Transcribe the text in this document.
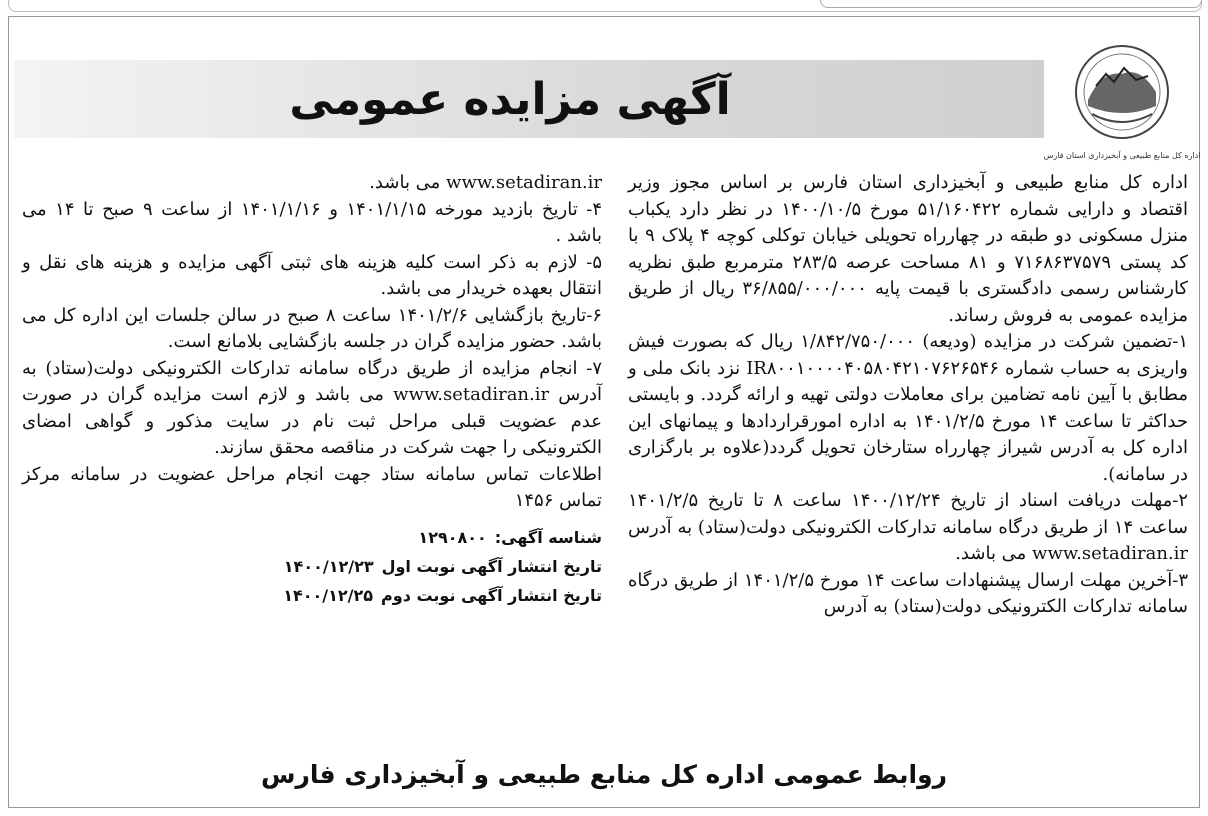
آگهی مزایده عمومی
اداره کل منابع طبیعی و آبخیزداری استان فارس

اداره کل منابع طبیعی و آبخیزداری استان فارس بر اساس مجوز وزیر اقتصاد و دارایی شماره ۵۱/۱۶۰۴۲۲ مورخ ۱۴۰۰/۱۰/۵ در نظر دارد یکباب منزل مسکونی دو طبقه در چهارراه تحویلی خیابان توکلی کوچه ۴ پلاک ۹ با کد پستی ۷۱۶۸۶۳۷۵۷۹ و ۸۱ مساحت عرصه ۲۸۳/۵ مترمربع طبق نظریه کارشناس رسمی دادگستری با قیمت پایه ۳۶/۸۵۵/۰۰۰/۰۰۰ ریال از طریق مزایده عمومی به فروش رساند.

۱-تضمین شرکت در مزایده (ودیعه) ۱/۸۴۲/۷۵۰/۰۰۰ ریال که بصورت فیش واریزی به حساب شماره IR۸۰۰۱۰۰۰۰۴۰۵۸۰۴۲۱۰۷۶۲۶۵۴۶ نزد بانک ملی و مطابق با آیین نامه تضامین برای معاملات دولتی تهیه و ارائه گردد. و بایستی حداکثر تا ساعت ۱۴ مورخ ۱۴۰۱/۲/۵ به اداره امورقراردادها و پیمانهای این اداره کل به آدرس شیراز چهارراه ستارخان تحویل گردد(علاوه بر بارگزاری در سامانه).

۲-مهلت دریافت اسناد از تاریخ ۱۴۰۰/۱۲/۲۴ ساعت ۸ تا تاریخ ۱۴۰۱/۲/۵ ساعت ۱۴ از طریق درگاه سامانه تدارکات الکترونیکی دولت(ستاد) به آدرس www.setadiran.ir می باشد.

۳-آخرین مهلت ارسال پیشنهادات ساعت ۱۴ مورخ ۱۴۰۱/۲/۵ از طریق درگاه سامانه تدارکات الکترونیکی دولت(ستاد) به آدرس

www.setadiran.ir می باشد.

۴- تاریخ بازدید مورخه ۱۴۰۱/۱/۱۵ و ۱۴۰۱/۱/۱۶ از ساعت ۹ صبح تا ۱۴ می باشد .

۵- لازم به ذکر است کلیه هزینه های ثبتی آگهی مزایده و هزینه های نقل و انتقال بعهده خریدار می باشد.

۶-تاریخ بازگشایی ۱۴۰۱/۲/۶ ساعت ۸ صبح در سالن جلسات این اداره کل می باشد. حضور مزایده گران در جلسه بازگشایی بلامانع است.

۷- انجام مزایده از طریق درگاه سامانه تدارکات الکترونیکی دولت(ستاد) به آدرس www.setadiran.ir می باشد و لازم است مزایده گران در صورت عدم عضویت قبلی مراحل ثبت نام در سایت مذکور و گواهی امضای الکترونیکی را جهت شرکت در مناقصه محقق سازند.

اطلاعات تماس سامانه ستاد جهت انجام مراحل عضویت در سامانه مرکز تماس ۱۴۵۶

شناسه آگهی:
۱۲۹۰۸۰۰
تاریخ انتشار آگهی نوبت اول
۱۴۰۰/۱۲/۲۳
تاریخ انتشار آگهی نوبت دوم
۱۴۰۰/۱۲/۲۵
روابط عمومی اداره کل منابع طبیعی و آبخیزداری فارس
